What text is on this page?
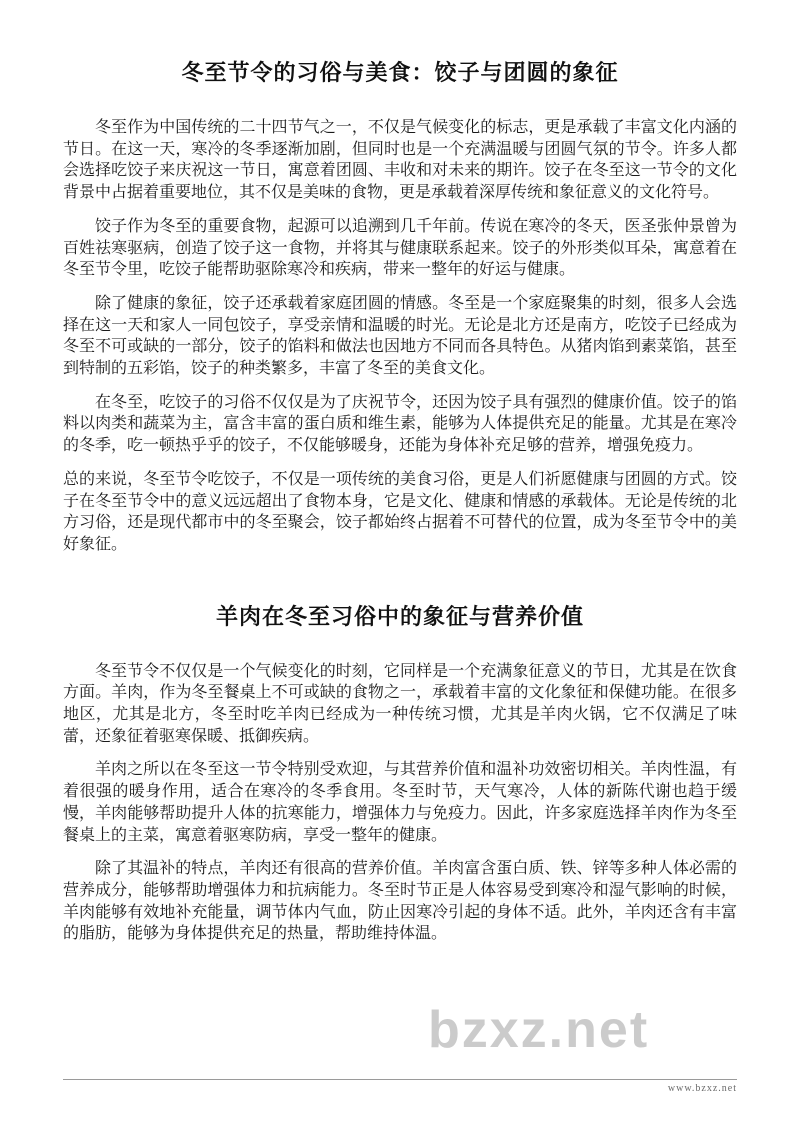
bzxz.net
冬至节令的习俗与美食：饺子与团圆的象征

冬至作为中国传统的二十四节气之一，不仅是气候变化的标志，更是承载了丰富文化内涵的节日。在这一天，寒冷的冬季逐渐加剧，但同时也是一个充满温暖与团圆气氛的节令。许多人都会选择吃饺子来庆祝这一节日，寓意着团圆、丰收和对未来的期许。饺子在冬至这一节令的文化背景中占据着重要地位，其不仅是美味的食物，更是承载着深厚传统和象征意义的文化符号。

饺子作为冬至的重要食物，起源可以追溯到几千年前。传说在寒冷的冬天，医圣张仲景曾为百姓祛寒驱病，创造了饺子这一食物，并将其与健康联系起来。饺子的外形类似耳朵，寓意着在冬至节令里，吃饺子能帮助驱除寒冷和疾病，带来一整年的好运与健康。

除了健康的象征，饺子还承载着家庭团圆的情感。冬至是一个家庭聚集的时刻，很多人会选择在这一天和家人一同包饺子，享受亲情和温暖的时光。无论是北方还是南方，吃饺子已经成为冬至不可或缺的一部分，饺子的馅料和做法也因地方不同而各具特色。从猪肉馅到素菜馅，甚至到特制的五彩馅，饺子的种类繁多，丰富了冬至的美食文化。

在冬至，吃饺子的习俗不仅仅是为了庆祝节令，还因为饺子具有强烈的健康价值。饺子的馅料以肉类和蔬菜为主，富含丰富的蛋白质和维生素，能够为人体提供充足的能量。尤其是在寒冷的冬季，吃一顿热乎乎的饺子，不仅能够暖身，还能为身体补充足够的营养，增强免疫力。

总的来说，冬至节令吃饺子，不仅是一项传统的美食习俗，更是人们祈愿健康与团圆的方式。饺子在冬至节令中的意义远远超出了食物本身，它是文化、健康和情感的承载体。无论是传统的北方习俗，还是现代都市中的冬至聚会，饺子都始终占据着不可替代的位置，成为冬至节令中的美好象征。

羊肉在冬至习俗中的象征与营养价值

冬至节令不仅仅是一个气候变化的时刻，它同样是一个充满象征意义的节日，尤其是在饮食方面。羊肉，作为冬至餐桌上不可或缺的食物之一，承载着丰富的文化象征和保健功能。在很多地区，尤其是北方，冬至时吃羊肉已经成为一种传统习惯，尤其是羊肉火锅，它不仅满足了味蕾，还象征着驱寒保暖、抵御疾病。

羊肉之所以在冬至这一节令特别受欢迎，与其营养价值和温补功效密切相关。羊肉性温，有着很强的暖身作用，适合在寒冷的冬季食用。冬至时节，天气寒冷，人体的新陈代谢也趋于缓慢，羊肉能够帮助提升人体的抗寒能力，增强体力与免疫力。因此，许多家庭选择羊肉作为冬至餐桌上的主菜，寓意着驱寒防病，享受一整年的健康。

除了其温补的特点，羊肉还有很高的营养价值。羊肉富含蛋白质、铁、锌等多种人体必需的营养成分，能够帮助增强体力和抗病能力。冬至时节正是人体容易受到寒冷和湿气影响的时候，羊肉能够有效地补充能量，调节体内气血，防止因寒冷引起的身体不适。此外，羊肉还含有丰富的脂肪，能够为身体提供充足的热量，帮助维持体温。

www.bzxz.net
